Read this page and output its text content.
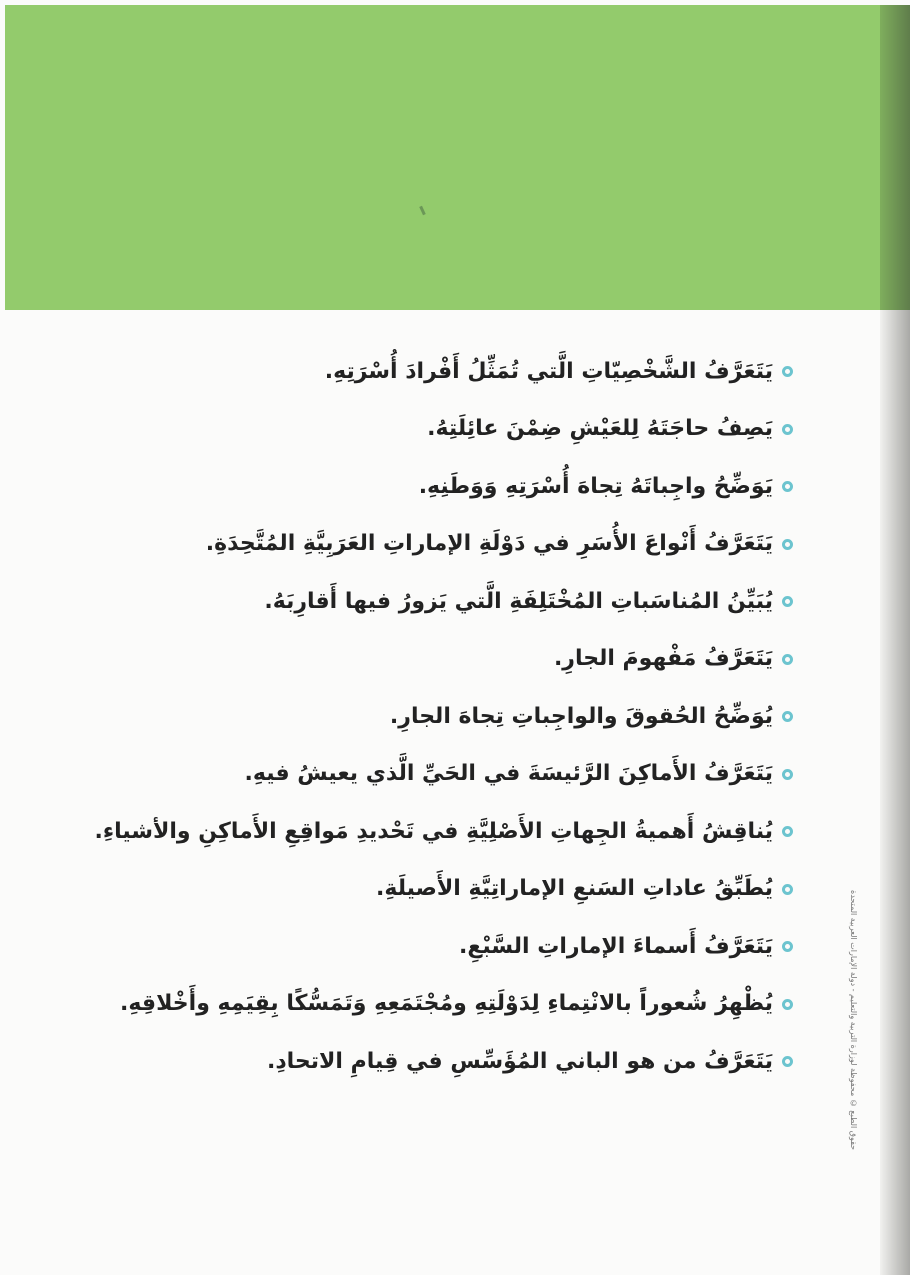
يَتَعَرَّفُ الشَّخْصِيّاتِ الَّتي تُمَثِّلُ أَفْرادَ أُسْرَتِهِ.
يَصِفُ حاجَتَهُ لِلعَيْشِ ضِمْنَ عائِلَتِهُ.
يَوَضِّحُ واجِباتَهُ تِجاهَ أُسْرَتِهِ وَوَطَنِهِ.
يَتَعَرَّفُ أَنْواعَ الأُسَرِ في دَوْلَةِ الإماراتِ العَرَبِيَّةِ المُتَّحِدَةِ.
يُبَيِّنُ المُناسَباتِ المُخْتَلِفَةِ الَّتي يَزورُ فيها أَقارِبَهُ.
يَتَعَرَّفُ مَفْهومَ الجارِ.
يُوَضِّحُ الحُقوقَ والواجِباتِ تِجاهَ الجارِ.
يَتَعَرَّفُ الأَماكِنَ الرَّئيسَةَ في الحَيِّ الَّذي يعيشُ فيهِ.
يُناقِشُ أَهميةُ الجِهاتِ الأَصْلِيَّةِ في تَحْديدِ مَواقِعِ الأَماكِنِ والأشياءِ.
يُطَبِّقُ عاداتِ السَنعِ الإماراتِيَّةِ الأَصيلَةِ.
يَتَعَرَّفُ أَسماءَ الإماراتِ السَّبْعِ.
يُظْهِرُ شُعوراً بالانْتِماءِ لِدَوْلَتِهِ ومُجْتَمَعِهِ وَتَمَسُّكًا بِقِيَمِهِ وأَخْلاقِهِ.
يَتَعَرَّفُ من هو الباني المُؤَسِّسِ في قِيامِ الاتحادِ.	حقوق الطبع © محفوظة لوزارة التربية والتعليم - دولة الإمارات العربية المتحدة
